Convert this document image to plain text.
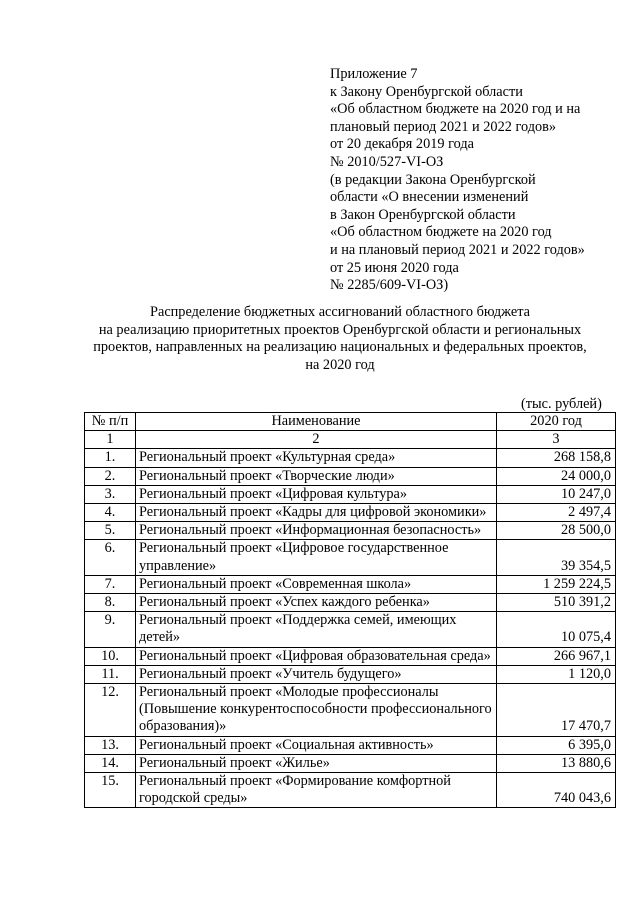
Приложение 7
к Закону Оренбургской области
«Об областном бюджете на 2020 год и на
плановый период 2021 и 2022 годов»
от 20 декабря 2019 года
№ 2010/527-VI-ОЗ
(в редакции Закона Оренбургской
области «О внесении изменений
в Закон Оренбургской области
«Об областном бюджете на 2020 год
и на плановый период 2021 и 2022 годов»
от 25 июня 2020 года
№ 2285/609-VI-ОЗ)
Распределение бюджетных ассигнований областного бюджета
на реализацию приоритетных проектов Оренбургской области и региональных
проектов, направленных на реализацию национальных и федеральных проектов,
на 2020 год
(тыс. рублей)
№ п/п	Наименование	2020 год
1	2	3
1.	Региональный проект «Культурная среда»	268 158,8
2.	Региональный проект «Творческие люди»	24 000,0
3.	Региональный проект «Цифровая культура»	10 247,0
4.	Региональный проект «Кадры для цифровой экономики»	2 497,4
5.	Региональный проект «Информационная безопасность»	28 500,0
6.	Региональный проект «Цифровое государственное управление»	39 354,5
7.	Региональный проект «Современная школа»	1 259 224,5
8.	Региональный проект «Успех каждого ребенка»	510 391,2
9.	Региональный проект «Поддержка семей, имеющих детей»	10 075,4
10.	Региональный проект «Цифровая образовательная среда»	266 967,1
11.	Региональный проект «Учитель будущего»	1 120,0
12.	Региональный проект «Молодые профессионалы (Повышение конкурентоспособности профессионального образования)»	17 470,7
13.	Региональный проект «Социальная активность»	6 395,0
14.	Региональный проект «Жилье»	13 880,6
15.	Региональный проект «Формирование комфортной городской среды»	740 043,6
